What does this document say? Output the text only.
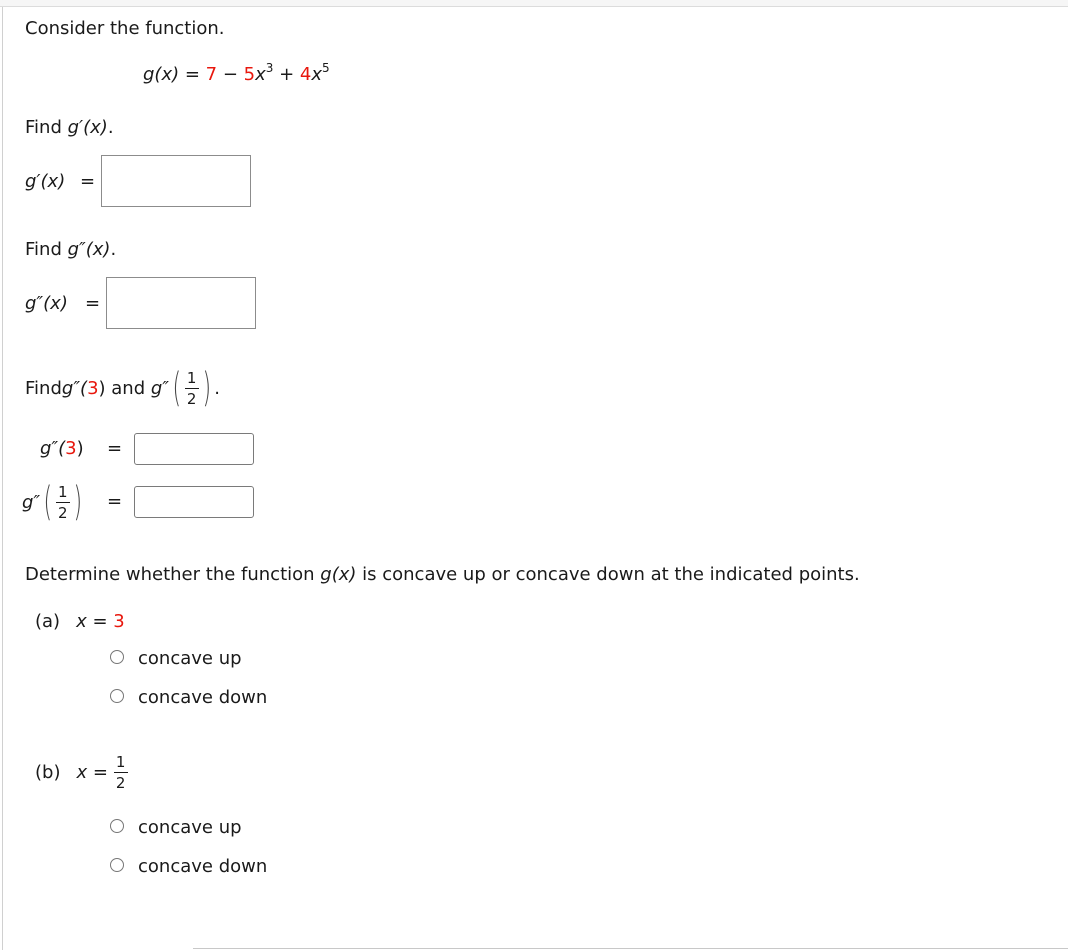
Consider the function.
$g(x) = 7 - 5x^3 + 4x^5$
Find g′(x).
g′(x) =
Find g″(x).
g″(x) =
Find g″( 3 ) and g″ ( $\frac{1}{2}$ ) .
g″(3) =
g″ ( $\frac{1}{2}$ ) =
Determine whether the function g(x) is concave up or concave down at the indicated points.
(a) x = 3
concave up
concave down
(b) $x = \frac{1}{2}$
concave up
concave down
